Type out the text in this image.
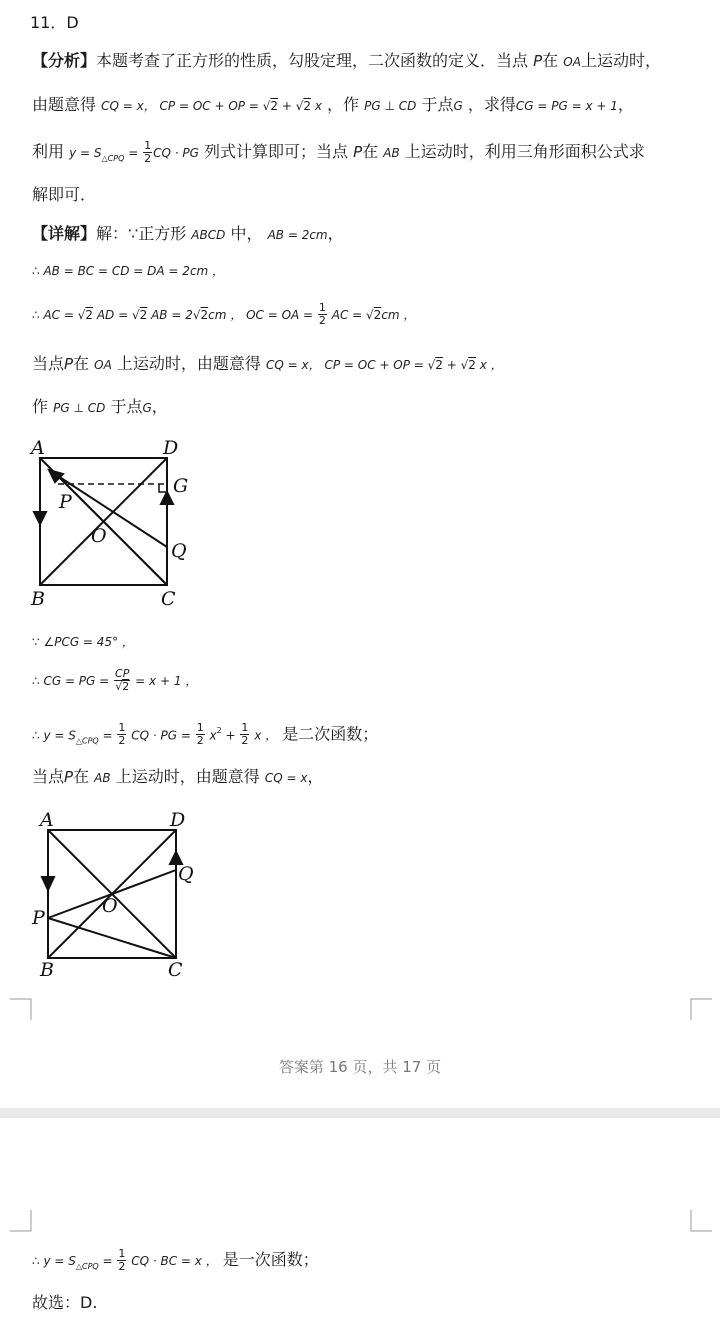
11．D
【分析】本题考查了正方形的性质，勾股定理，二次函数的定义．当点 P在 OA上运动时，
由题意得 CQ = x， CP = OC + OP = √2 + √2 x ，作 PG ⊥ CD 于点G ，求得CG = PG = x + 1，
利用 $y = S_{\triangle CPQ} = \frac{1}{2}$ CQ · PG 列式计算即可；当点 P在 AB 上运动时，利用三角形面积公式求
解即可．
【详解】解：∵正方形 ABCD 中， AB = 2cm，
∴ AB = BC = CD = DA = 2cm ，
∴ AC = √2 AD = √2 AB = 2√2cm ， OC = OA = $\frac{1}{2}$ AC = √2cm ，
当点P在 OA 上运动时，由题意得 CQ = x， CP = OC + OP = √2 + √2 x ，
作 PG ⊥ CD 于点G，
A	D
P
G
O
Q
B	C
∵ ∠PCG = 45° ，
∴ CG = PG = $\frac{CP}{√2} = x + 1$ ，
∴ $y = S_{\triangle CPQ} = \frac{1}{2}$ CQ · PG = $\frac{1}{2} x^2 + \frac{1}{2}$ x ， 是二次函数；
当点P在 AB 上运动时，由题意得 CQ = x，
A	D
Q
P
O
B	C
答案第 16 页，共 17 页
∴ $y = S_{\triangle CPQ} = \frac{1}{2}$ CQ · BC = x ， 是一次函数；
故选：D.
